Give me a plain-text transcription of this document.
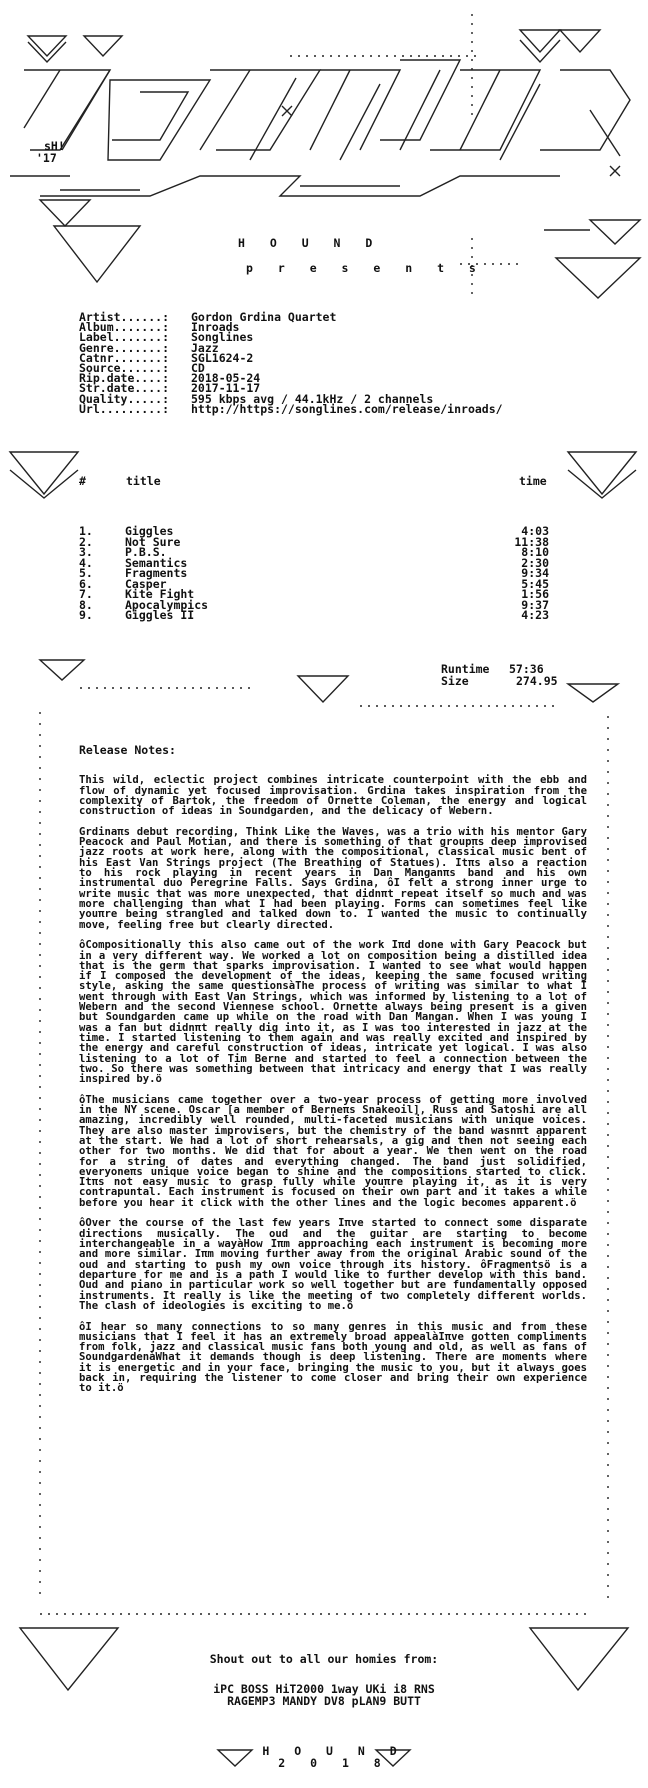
sH!
'17
H O U N D
p r e s e n t s
Artist......: Gordon Grdina Quartet
Album.......: Inroads
Label.......: Songlines
Genre.......: Jazz
Catnr.......: SGL1624-2
Source......: CD
Rip.date....: 2018-05-24
Str.date....: 2017-11-17
Quality.....: 595 kbps avg / 44.1kHz / 2 channels
Url.........: http://https://songlines.com/release/inroads/
#	title	time
1.	Giggles	4:03
2.	Not Sure	11:38
3.	P.B.S.	8:10
4.	Semantics	2:30
5.	Fragments	9:34
6.	Casper	5:45
7.	Kite Fight	1:56
8.	Apocalympics	9:37
9.	Giggles II	4:23
Runtime 57:36
Size	274.95

Release Notes:

This wild, eclectic project combines intricate counterpoint with the ebb and flow of dynamic yet focused improvisation. Grdina takes inspiration from the complexity of Bartok, the freedom of Ornette Coleman, the energy and logical construction of ideas in Soundgarden, and the delicacy of Webern.

Grdinaπs debut recording, Think Like the Waves, was a trio with his mentor Gary Peacock and Paul Motian, and there is something of that groupπs deep improvised jazz roots at work here, along with the compositional, classical music bent of his East Van Strings project (The Breathing of Statues). Itπs also a reaction to his rock playing in recent years in Dan Manganπs band and his own instrumental duo Peregrine Falls. Says Grdina, ôI felt a strong inner urge to write music that was more unexpected, that didnπt repeat itself so much and was more challenging than what I had been playing. Forms can sometimes feel like youπre being strangled and talked down to. I wanted the music to continually move, feeling free but clearly directed.

ôCompositionally this also came out of the work Iπd done with Gary Peacock but in a very different way. We worked a lot on composition being a distilled idea that is the germ that sparks improvisation. I wanted to see what would happen if I composed the development of the ideas, keeping the same focused writing style, asking the same questionsàThe process of writing was similar to what I went through with East Van Strings, which was informed by listening to a lot of Webern and the second Viennese school. Ornette always being present is a given but Soundgarden came up while on the road with Dan Mangan. When I was young I was a fan but didnπt really dig into it, as I was too interested in jazz at the time. I started listening to them again and was really excited and inspired by the energy and careful construction of ideas, intricate yet logical. I was also listening to a lot of Tim Berne and started to feel a connection between the two. So there was something between that intricacy and energy that I was really inspired by.ö

ôThe musicians came together over a two-year process of getting more involved in the NY scene. Oscar [a member of Berneπs Snakeoil], Russ and Satoshi are all amazing, incredibly well rounded, multi-faceted musicians with unique voices. They are also master improvisers, but the chemistry of the band wasnπt apparent at the start. We had a lot of short rehearsals, a gig and then not seeing each other for two months. We did that for about a year. We then went on the road for a string of dates and everything changed. The band just solidified, everyoneπs unique voice began to shine and the compositions started to click. Itπs not easy music to grasp fully while youπre playing it, as it is very contrapuntal. Each instrument is focused on their own part and it takes a while before you hear it click with the other lines and the logic becomes apparent.ö

ôOver the course of the last few years Iπve started to connect some disparate directions musically. The oud and the guitar are starting to become interchangeable in a wayàHow Iπm approaching each instrument is becoming more and more similar. Iπm moving further away from the original Arabic sound of the oud and starting to push my own voice through its history. ôFragmentsö is a departure for me and is a path I would like to further develop with this band. Oud and piano in particular work so well together but are fundamentally opposed instruments. It really is like the meeting of two completely different worlds. The clash of ideologies is exciting to me.ö

ôI hear so many connections to so many genres in this music and from these musicians that I feel it has an extremely broad appealàIπve gotten compliments from folk, jazz and classical music fans both young and old, as well as fans of SoundgardenàWhat it demands though is deep listening. There are moments where it is energetic and in your face, bringing the music to you, but it always goes back in, requiring the listener to come closer and bring their own experience to it.ö

Shout out to all our homies from:
iPC BOSS HiT2000 1way UKi i8 RNS
RAGEMP3 MANDY DV8 pLAN9 BUTT
H O U N D
2 0 1 8
